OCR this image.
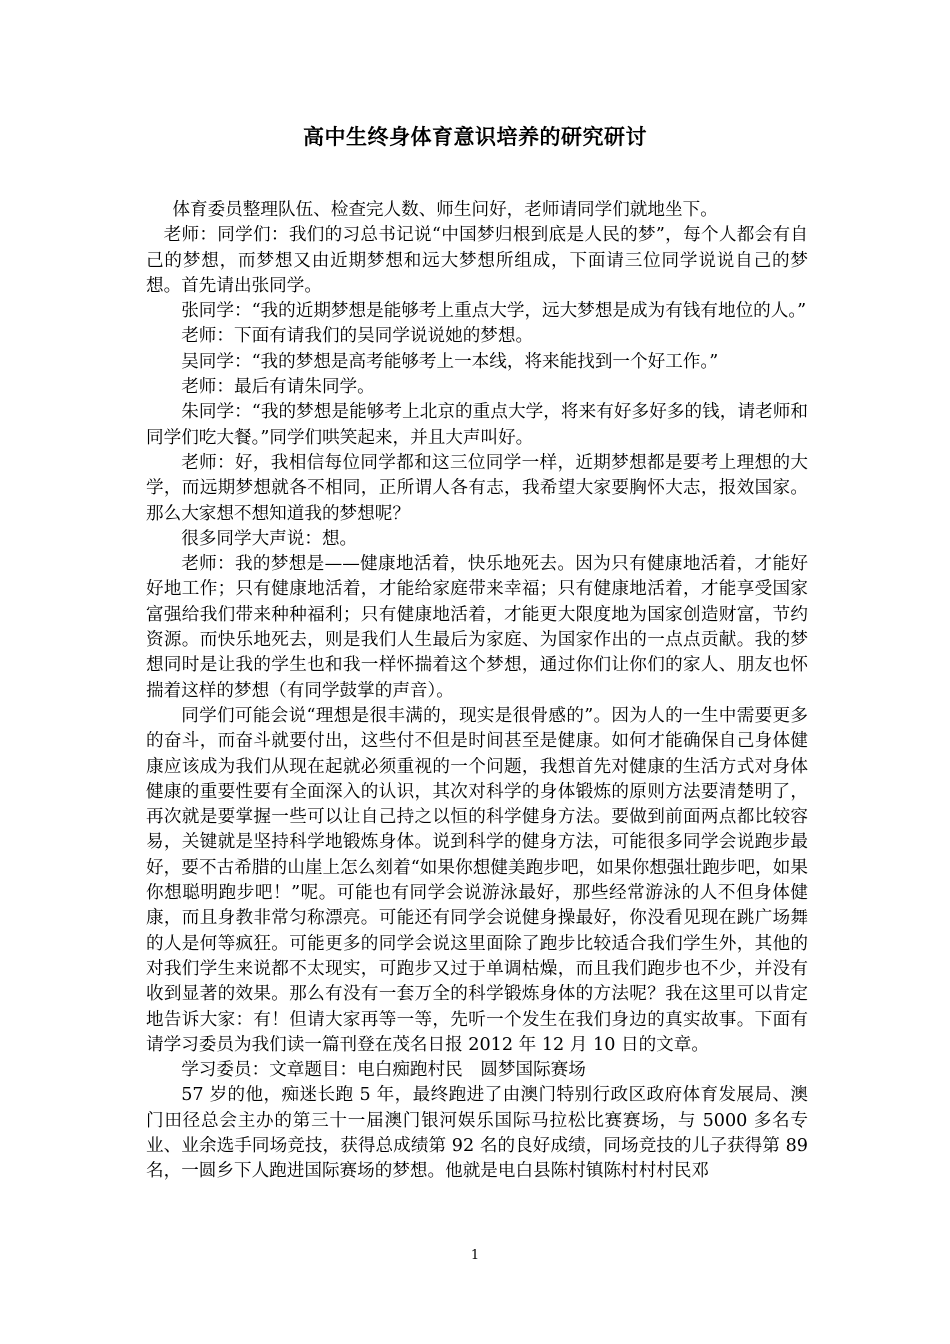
高中生终身体育意识培养的研究研讨

体育委员整理队伍、检查完人数、师生问好，老师请同学们就地坐下。

老师：同学们：我们的习总书记说“中国梦归根到底是人民的梦”，每个人都会有自己的梦想，而梦想又由近期梦想和远大梦想所组成，下面请三位同学说说自己的梦想。首先请出张同学。

张同学：“我的近期梦想是能够考上重点大学，远大梦想是成为有钱有地位的人。”

老师：下面有请我们的吴同学说说她的梦想。

吴同学：“我的梦想是高考能够考上一本线，将来能找到一个好工作。”

老师：最后有请朱同学。

朱同学：“我的梦想是能够考上北京的重点大学，将来有好多好多的钱，请老师和同学们吃大餐。”同学们哄笑起来，并且大声叫好。

老师：好，我相信每位同学都和这三位同学一样，近期梦想都是要考上理想的大学，而远期梦想就各不相同，正所谓人各有志，我希望大家要胸怀大志，报效国家。那么大家想不想知道我的梦想呢？

很多同学大声说：想。

老师：我的梦想是——健康地活着，快乐地死去。因为只有健康地活着，才能好好地工作；只有健康地活着，才能给家庭带来幸福；只有健康地活着，才能享受国家富强给我们带来种种福利；只有健康地活着，才能更大限度地为国家创造财富，节约资源。而快乐地死去，则是我们人生最后为家庭、为国家作出的一点点贡献。我的梦想同时是让我的学生也和我一样怀揣着这个梦想，通过你们让你们的家人、朋友也怀揣着这样的梦想（有同学鼓掌的声音）。

同学们可能会说“理想是很丰满的，现实是很骨感的”。因为人的一生中需要更多的奋斗，而奋斗就要付出，这些付不但是时间甚至是健康。如何才能确保自己身体健康应该成为我们从现在起就必须重视的一个问题，我想首先对健康的生活方式对身体健康的重要性要有全面深入的认识，其次对科学的身体锻炼的原则方法要清楚明了，再次就是要掌握一些可以让自己持之以恒的科学健身方法。要做到前面两点都比较容易，关键就是坚持科学地锻炼身体。说到科学的健身方法，可能很多同学会说跑步最好，要不古希腊的山崖上怎么刻着“如果你想健美跑步吧，如果你想强壮跑步吧，如果你想聪明跑步吧！”呢。可能也有同学会说游泳最好，那些经常游泳的人不但身体健康，而且身教非常匀称漂亮。可能还有同学会说健身操最好，你没看见现在跳广场舞的人是何等疯狂。可能更多的同学会说这里面除了跑步比较适合我们学生外，其他的对我们学生来说都不太现实，可跑步又过于单调枯燥，而且我们跑步也不少，并没有收到显著的效果。那么有没有一套万全的科学锻炼身体的方法呢？我在这里可以肯定地告诉大家：有！但请大家再等一等，先听一个发生在我们身边的真实故事。下面有请学习委员为我们读一篇刊登在茂名日报 2012 年 12 月 10 日的文章。

学习委员：文章题目：电白痴跑村民　圆梦国际赛场

57 岁的他，痴迷长跑 5 年，最终跑进了由澳门特别行政区政府体育发展局、澳门田径总会主办的第三十一届澳门银河娱乐国际马拉松比赛赛场，与 5000 多名专业、业余选手同场竞技，获得总成绩第 92 名的良好成绩，同场竞技的儿子获得第 89 名，一圆乡下人跑进国际赛场的梦想。他就是电白县陈村镇陈村村村民邓

1
